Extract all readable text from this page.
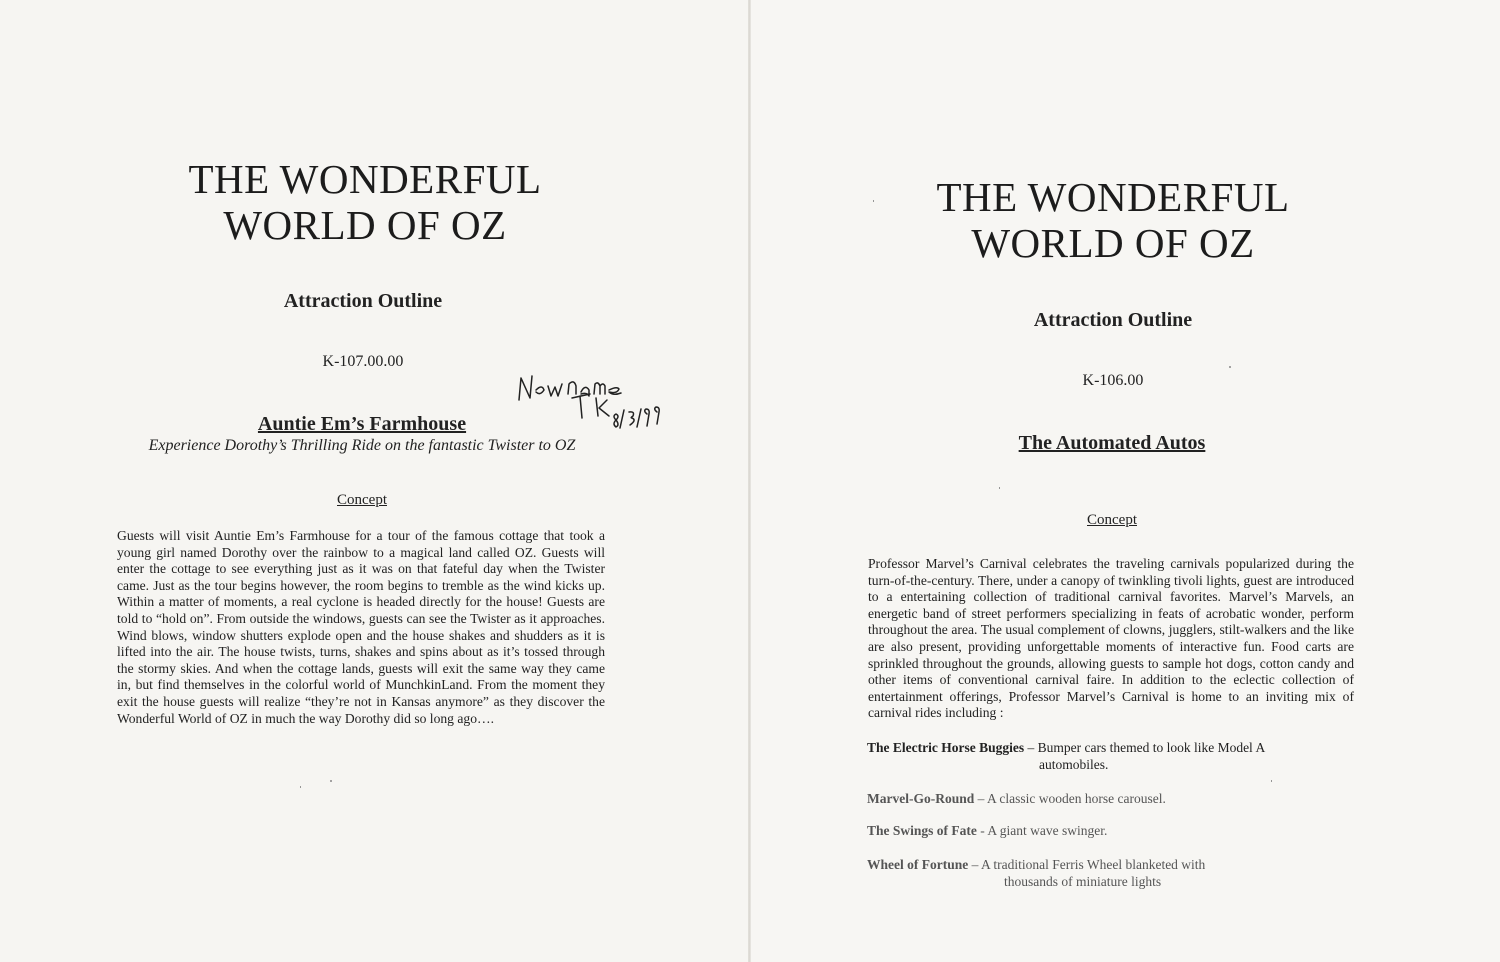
THE WONDERFUL
WORLD OF OZ
Attraction Outline
K-107.00.00
Auntie Em’s Farmhouse
Experience Dorothy’s Thrilling Ride on the fantastic Twister to OZ
Concept
Guests will visit Auntie Em’s Farmhouse for a tour of the famous cottage that took a young girl named Dorothy over the rainbow to a magical land called OZ. Guests will enter the cottage to see everything just as it was on that fateful day when the Twister came. Just as the tour begins however, the room begins to tremble as the wind kicks up. Within a matter of moments, a real cyclone is headed directly for the house! Guests are told to “hold on”. From outside the windows, guests can see the Twister as it approaches. Wind blows, window shutters explode open and the house shakes and shudders as it is lifted into the air. The house twists, turns, shakes and spins about as it’s tossed through the stormy skies. And when the cottage lands, guests will exit the same way they came in, but find themselves in the colorful world of MunchkinLand. From the moment they exit the house guests will realize “they’re not in Kansas anymore” as they discover the Wonderful World of OZ in much the way Dorothy did so long ago….
THE WONDERFUL
WORLD OF OZ
Attraction Outline
K-106.00
The Automated Autos
Concept
Professor Marvel’s Carnival celebrates the traveling carnivals popularized during the turn-of-the-century. There, under a canopy of twinkling tivoli lights, guest are introduced to a entertaining collection of traditional carnival favorites. Marvel’s Marvels, an energetic band of street performers specializing in feats of acrobatic wonder, perform throughout the area. The usual complement of clowns, jugglers, stilt-walkers and the like are also present, providing unforgettable moments of interactive fun. Food carts are sprinkled throughout the grounds, allowing guests to sample hot dogs, cotton candy and other items of conventional carnival faire. In addition to the eclectic collection of entertainment offerings, Professor Marvel’s Carnival is home to an inviting mix of carnival rides including :
The Electric Horse Buggies – Bumper cars themed to look like Model A
automobiles.
Marvel-Go-Round – A classic wooden horse carousel.
The Swings of Fate - A giant wave swinger.
Wheel of Fortune – A traditional Ferris Wheel blanketed with
thousands of miniature lights
